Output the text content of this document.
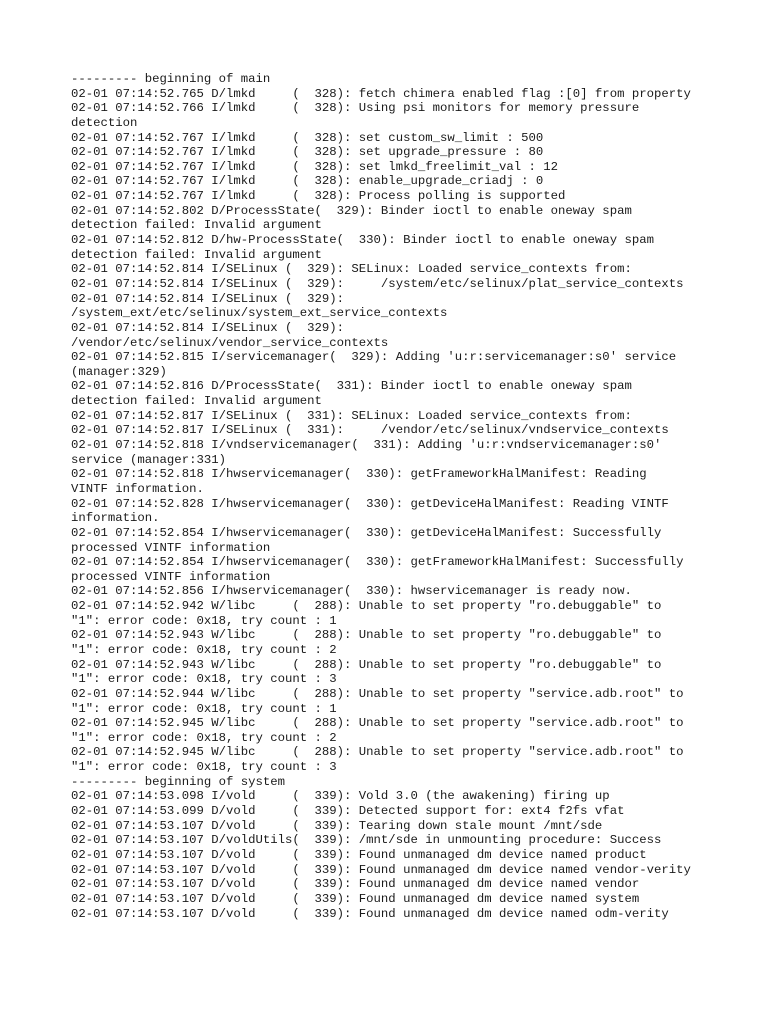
--------- beginning of main
02-01 07:14:52.765 D/lmkd     (  328): fetch chimera enabled flag :[0] from property
02-01 07:14:52.766 I/lmkd     (  328): Using psi monitors for memory pressure
detection
02-01 07:14:52.767 I/lmkd     (  328): set custom_sw_limit : 500
02-01 07:14:52.767 I/lmkd     (  328): set upgrade_pressure : 80
02-01 07:14:52.767 I/lmkd     (  328): set lmkd_freelimit_val : 12
02-01 07:14:52.767 I/lmkd     (  328): enable_upgrade_criadj : 0
02-01 07:14:52.767 I/lmkd     (  328): Process polling is supported
02-01 07:14:52.802 D/ProcessState(  329): Binder ioctl to enable oneway spam
detection failed: Invalid argument
02-01 07:14:52.812 D/hw-ProcessState(  330): Binder ioctl to enable oneway spam
detection failed: Invalid argument
02-01 07:14:52.814 I/SELinux (  329): SELinux: Loaded service_contexts from:
02-01 07:14:52.814 I/SELinux (  329):     /system/etc/selinux/plat_service_contexts
02-01 07:14:52.814 I/SELinux (  329):
/system_ext/etc/selinux/system_ext_service_contexts
02-01 07:14:52.814 I/SELinux (  329):
/vendor/etc/selinux/vendor_service_contexts
02-01 07:14:52.815 I/servicemanager(  329): Adding 'u:r:servicemanager:s0' service
(manager:329)
02-01 07:14:52.816 D/ProcessState(  331): Binder ioctl to enable oneway spam
detection failed: Invalid argument
02-01 07:14:52.817 I/SELinux (  331): SELinux: Loaded service_contexts from:
02-01 07:14:52.817 I/SELinux (  331):     /vendor/etc/selinux/vndservice_contexts
02-01 07:14:52.818 I/vndservicemanager(  331): Adding 'u:r:vndservicemanager:s0'
service (manager:331)
02-01 07:14:52.818 I/hwservicemanager(  330): getFrameworkHalManifest: Reading
VINTF information.
02-01 07:14:52.828 I/hwservicemanager(  330): getDeviceHalManifest: Reading VINTF
information.
02-01 07:14:52.854 I/hwservicemanager(  330): getDeviceHalManifest: Successfully
processed VINTF information
02-01 07:14:52.854 I/hwservicemanager(  330): getFrameworkHalManifest: Successfully
processed VINTF information
02-01 07:14:52.856 I/hwservicemanager(  330): hwservicemanager is ready now.
02-01 07:14:52.942 W/libc     (  288): Unable to set property "ro.debuggable" to
"1": error code: 0x18, try count : 1
02-01 07:14:52.943 W/libc     (  288): Unable to set property "ro.debuggable" to
"1": error code: 0x18, try count : 2
02-01 07:14:52.943 W/libc     (  288): Unable to set property "ro.debuggable" to
"1": error code: 0x18, try count : 3
02-01 07:14:52.944 W/libc     (  288): Unable to set property "service.adb.root" to
"1": error code: 0x18, try count : 1
02-01 07:14:52.945 W/libc     (  288): Unable to set property "service.adb.root" to
"1": error code: 0x18, try count : 2
02-01 07:14:52.945 W/libc     (  288): Unable to set property "service.adb.root" to
"1": error code: 0x18, try count : 3
--------- beginning of system
02-01 07:14:53.098 I/vold     (  339): Vold 3.0 (the awakening) firing up
02-01 07:14:53.099 D/vold     (  339): Detected support for: ext4 f2fs vfat
02-01 07:14:53.107 D/vold     (  339): Tearing down stale mount /mnt/sde
02-01 07:14:53.107 D/voldUtils(  339): /mnt/sde in unmounting procedure: Success
02-01 07:14:53.107 D/vold     (  339): Found unmanaged dm device named product
02-01 07:14:53.107 D/vold     (  339): Found unmanaged dm device named vendor-verity
02-01 07:14:53.107 D/vold     (  339): Found unmanaged dm device named vendor
02-01 07:14:53.107 D/vold     (  339): Found unmanaged dm device named system
02-01 07:14:53.107 D/vold     (  339): Found unmanaged dm device named odm-verity
